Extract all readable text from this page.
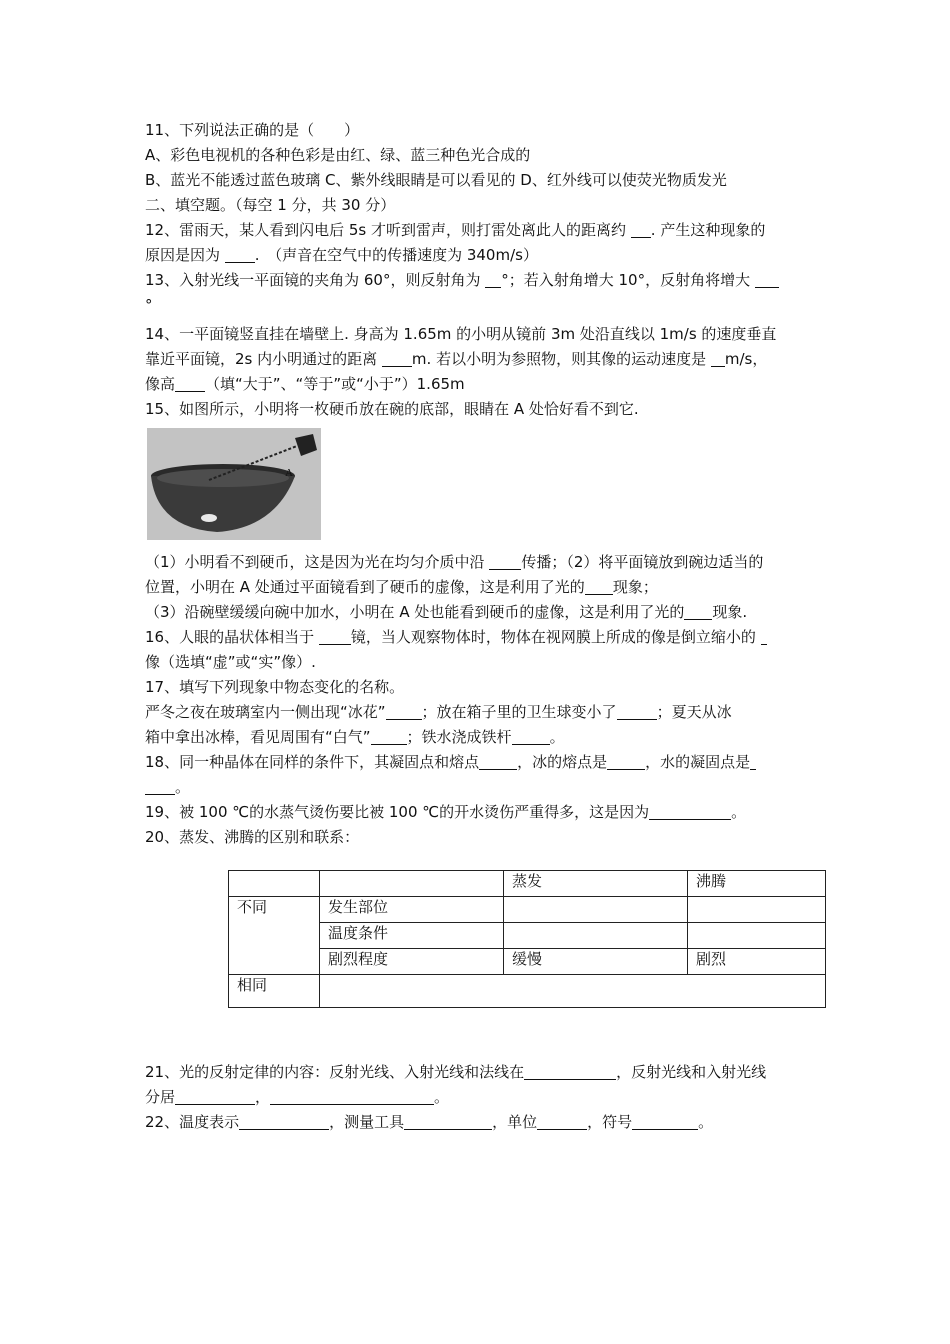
11、下列说法正确的是（　　）
A、彩色电视机的各种色彩是由红、绿、蓝三种色光合成的
B、蓝光不能透过蓝色玻璃 C、紫外线眼睛是可以看见的 D、红外线可以使荧光物质发光
二、填空题。（每空 1 分，共 30 分）
12、雷雨天，某人看到闪电后 5s 才听到雷声，则打雷处离此人的距离约 . 产生这种现象的
原因是因为 .　（声音在空气中的传播速度为 340m/s）
13、入射光线一平面镜的夹角为 60°，则反射角为 °；若入射角增大 10°，反射角将增大
°
14、一平面镜竖直挂在墙壁上. 身高为 1.65m 的小明从镜前 3m 处沿直线以 1m/s 的速度垂直
靠近平面镜，2s 内小明通过的距离 m. 若以小明为参照物，则其像的运动速度是 m/s，
像高 （填“大于”、“等于”或“小于”）1.65m
15、如图所示，小明将一枚硬币放在碗的底部，眼睛在 A 处恰好看不到它.
A
（1）小明看不到硬币，这是因为光在均匀介质中沿 传播；（2）将平面镜放到碗边适当的
位置，小明在 A 处通过平面镜看到了硬币的虚像，这是利用了光的 现象；
（3）沿碗壁缓缓向碗中加水，小明在 A 处也能看到硬币的虚像，这是利用了光的 现象.
16、人眼的晶状体相当于 镜，当人观察物体时，物体在视网膜上所成的像是倒立缩小的
像（选填“虚”或“实”像）.
17、填写下列现象中物态变化的名称。
严冬之夜在玻璃室内一侧出现“冰花” ；放在箱子里的卫生球变小了	；夏天从冰
箱中拿出冰棒，看见周围有“白气” ；铁水浇成铁杆	。
18、同一种晶体在同样的条件下，其凝固点和熔点	，冰的熔点是	，水的凝固点是
。
19、被 100 ℃的水蒸气烫伤要比被 100 ℃的开水烫伤严重得多，这是因为	。
20、蒸发、沸腾的区别和联系：
		蒸发	沸腾
不同	发生部位		
	温度条件		
	剧烈程度	缓慢	剧烈
相同			
21、光的反射定律的内容：反射光线、入射光线和法线在	，反射光线和入射光线
分居	，	。
22、温度表示	，测量工具	，单位	，符号	。
